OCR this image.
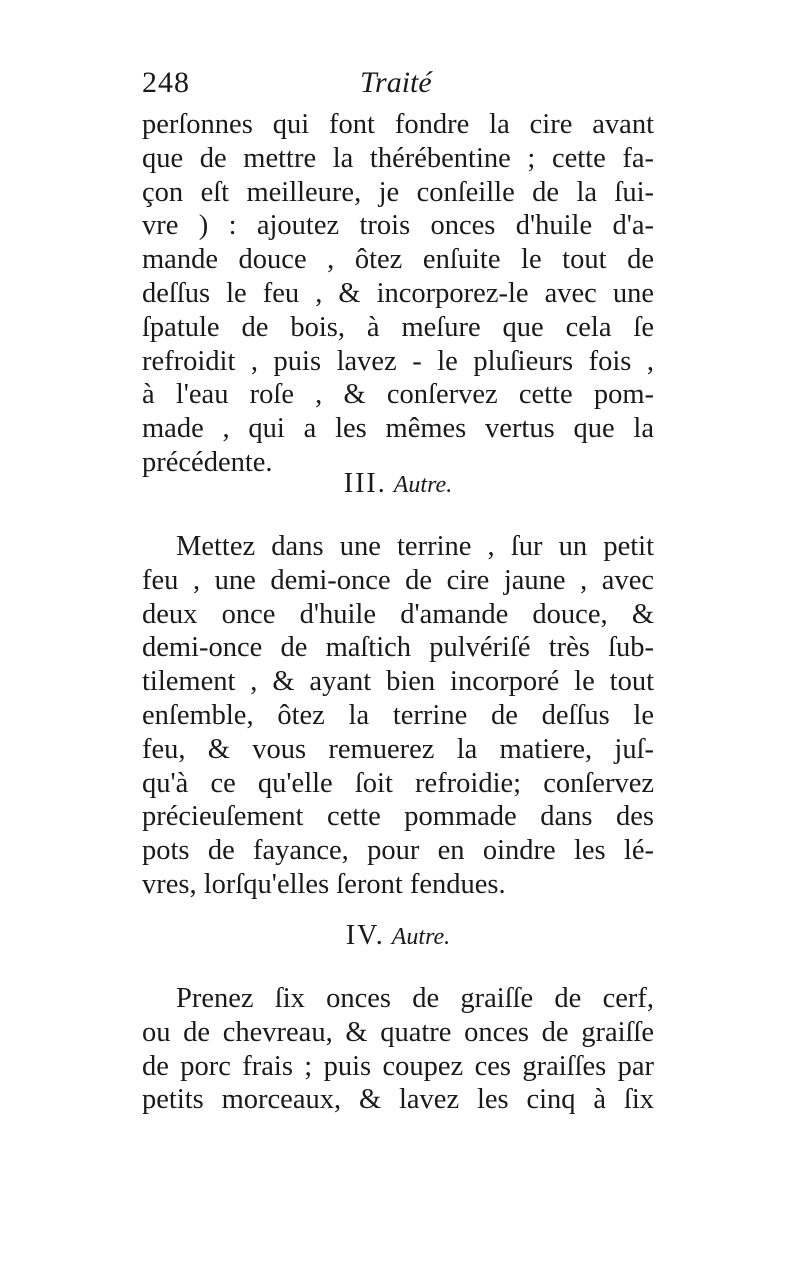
248	Traité
perſonnes qui font fondre la cire avant
que de mettre la thérébentine ; cette fa-
çon eſt meilleure, je conſeille de la ſui-
vre ) : ajoutez trois onces d'huile d'a-
mande douce , ôtez enſuite le tout de
deſſus le feu , & incorporez-le avec une
ſpatule de bois, à meſure que cela ſe
refroidit , puis lavez - le pluſieurs fois ,
à l'eau roſe , & conſervez cette pom-
made , qui a les mêmes vertus que la
précédente.
III. Autre.
Mettez dans une terrine , ſur un petit
feu , une demi-once de cire jaune , avec
deux once d'huile d'amande douce, &
demi-once de maſtich pulvériſé très ſub-
tilement , & ayant bien incorporé le tout
enſemble, ôtez la terrine de deſſus le
feu, & vous remuerez la matiere, juſ-
qu'à ce qu'elle ſoit refroidie; conſervez
précieuſement cette pommade dans des
pots de fayance, pour en oindre les lé-
vres, lorſqu'elles ſeront fendues.
IV. Autre.
Prenez ſix onces de graiſſe de cerf,
ou de chevreau, & quatre onces de graiſſe
de porc frais ; puis coupez ces graiſſes par
petits morceaux, & lavez les cinq à ſix
